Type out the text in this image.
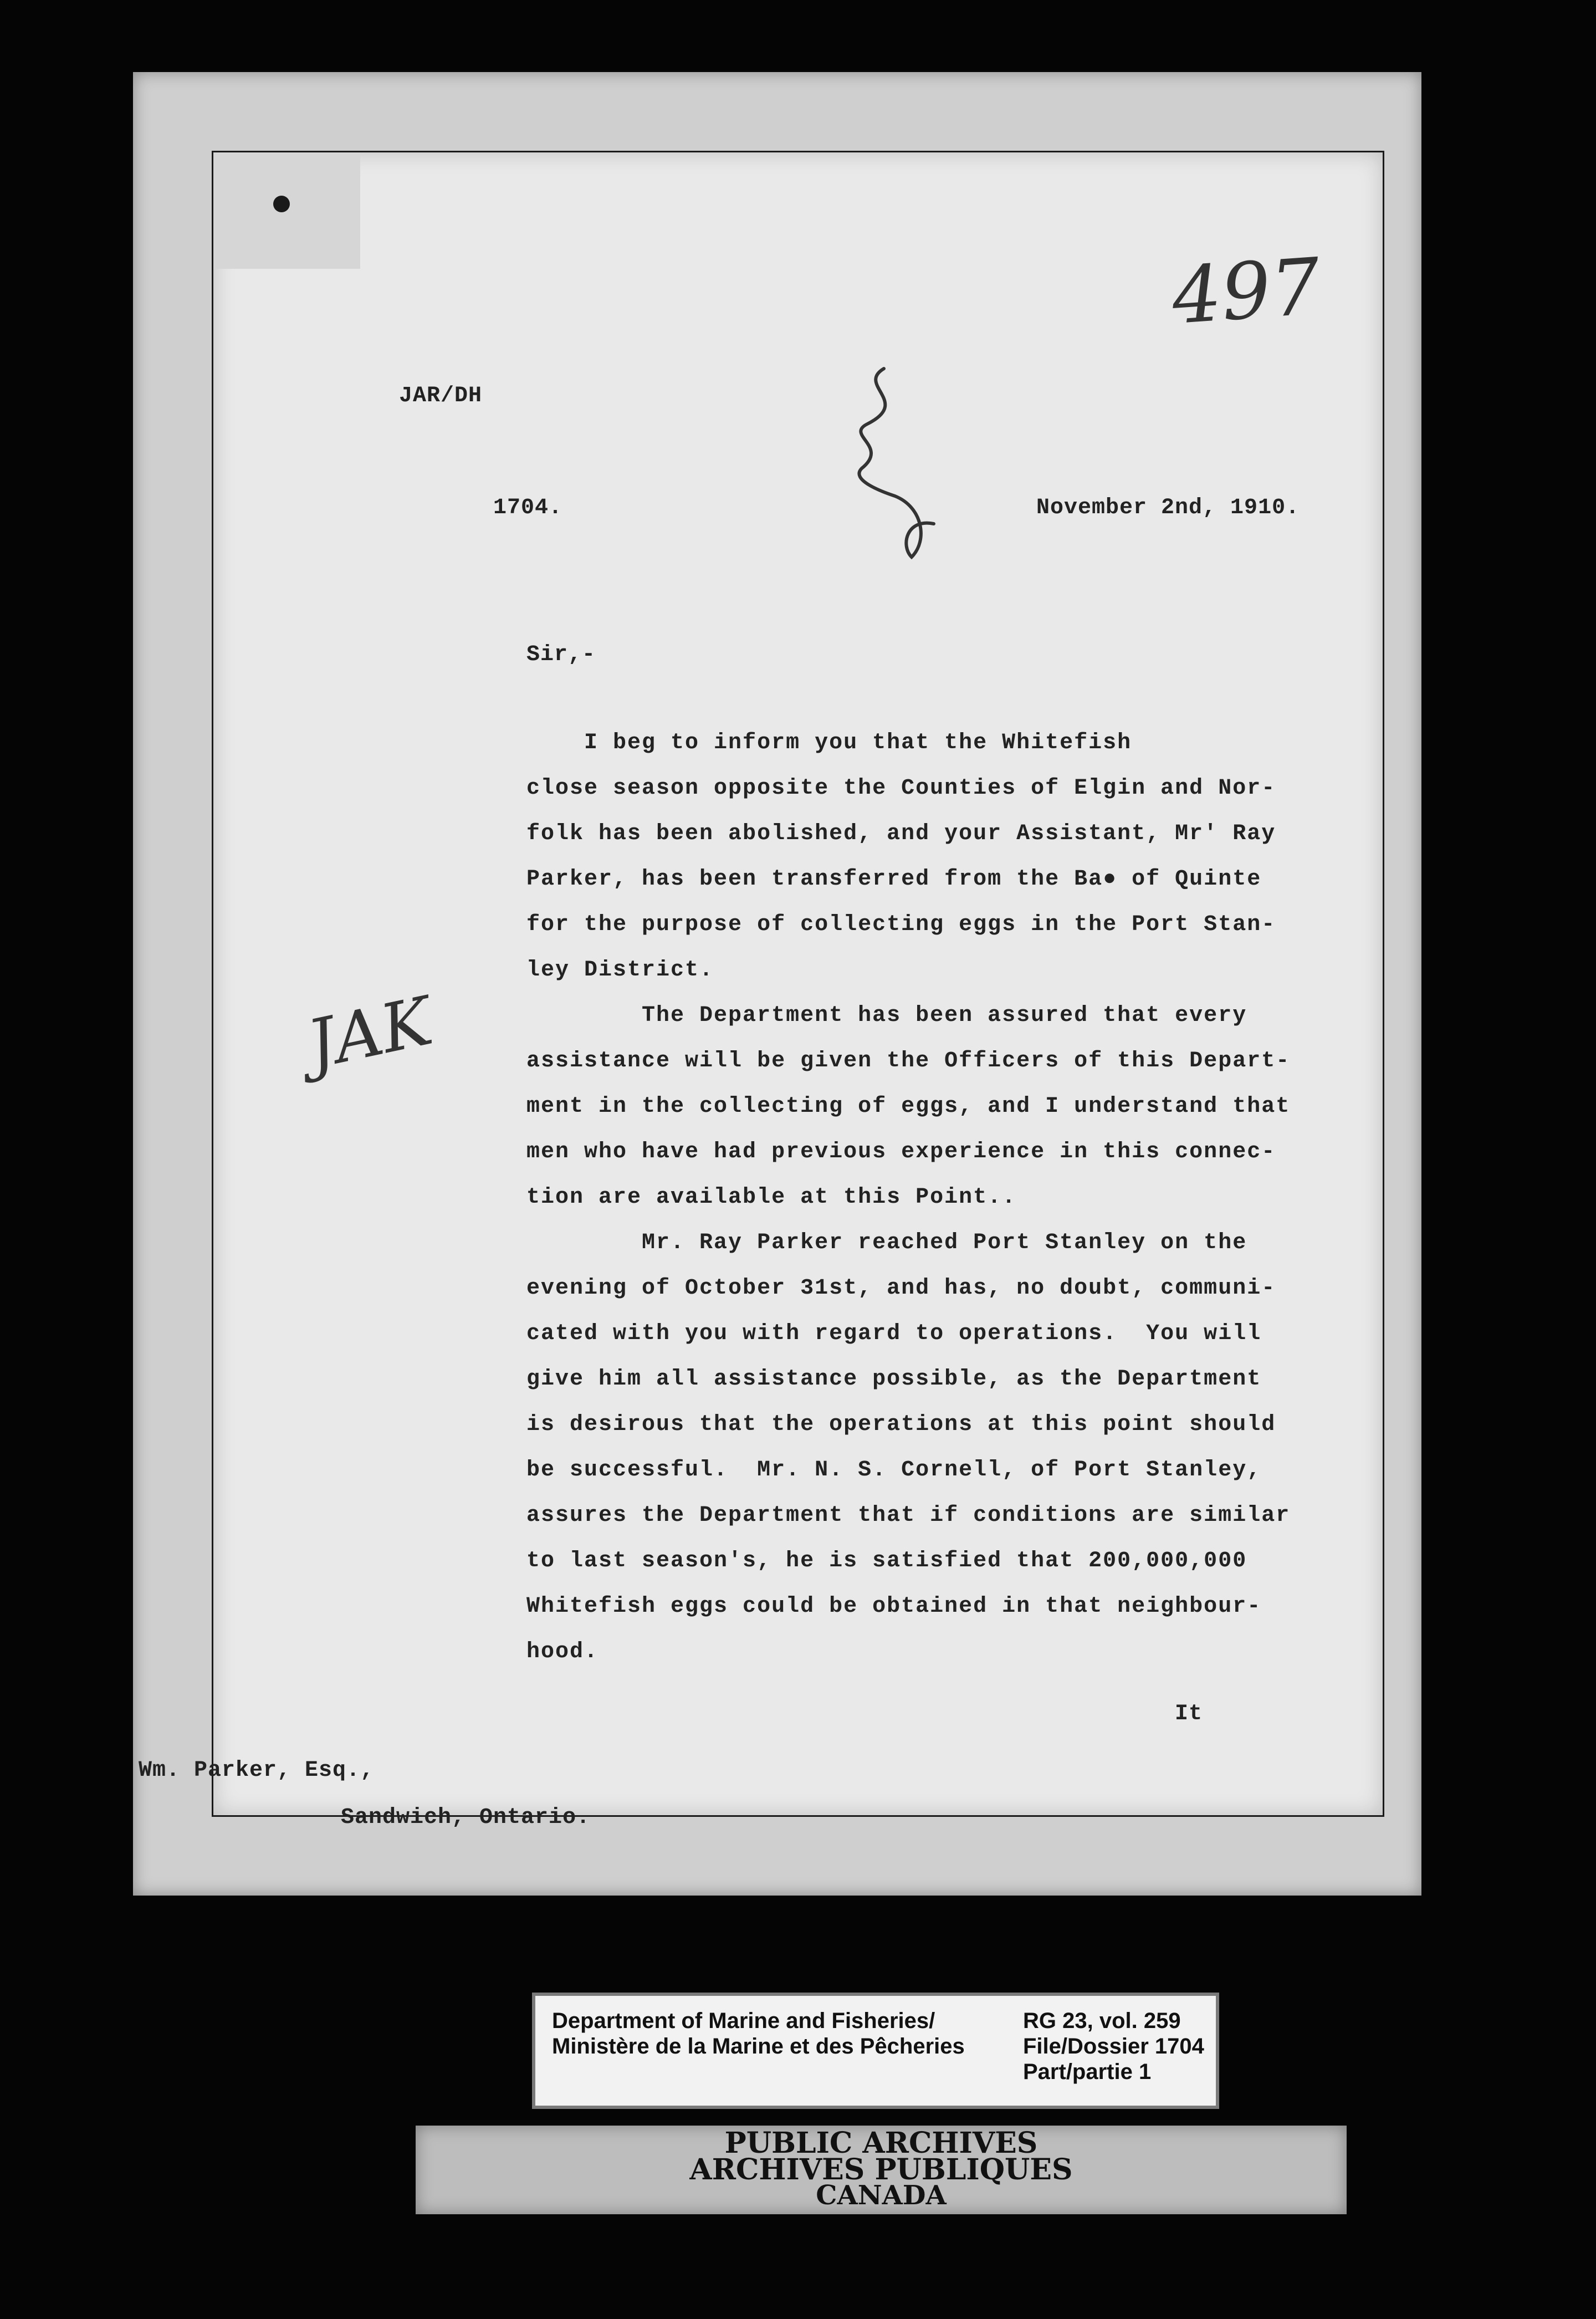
497
JAR/DH
1704.	November 2nd, 1910.
Sir,-
JAK
I beg to inform you that the Whitefish
close season opposite the Counties of Elgin and Nor-
folk has been abolished, and your Assistant, Mr' Ray
Parker, has been transferred from the Ba● of Quinte
for the purpose of collecting eggs in the Port Stan-
ley District.
The Department has been assured that every
assistance will be given the Officers of this Depart-
ment in the collecting of eggs, and I understand that
men who have had previous experience in this connec-
tion are available at this Point..
Mr. Ray Parker reached Port Stanley on the
evening of October 31st, and has, no doubt, communi-
cated with you with regard to operations.  You will
give him all assistance possible, as the Department
is desirous that the operations at this point should
be successful.  Mr. N. S. Cornell, of Port Stanley,
assures the Department that if conditions are similar
to last season's, he is satisfied that 200,000,000
Whitefish eggs could be obtained in that neighbour-
hood.
It
Wm. Parker, Esq.,
Sandwich, Ontario.
Department of Marine and Fisheries/
Ministère de la Marine et des Pêcheries
RG 23, vol. 259
File/Dossier 1704
Part/partie 1
PUBLIC ARCHIVES
ARCHIVES PUBLIQUES
CANADA
